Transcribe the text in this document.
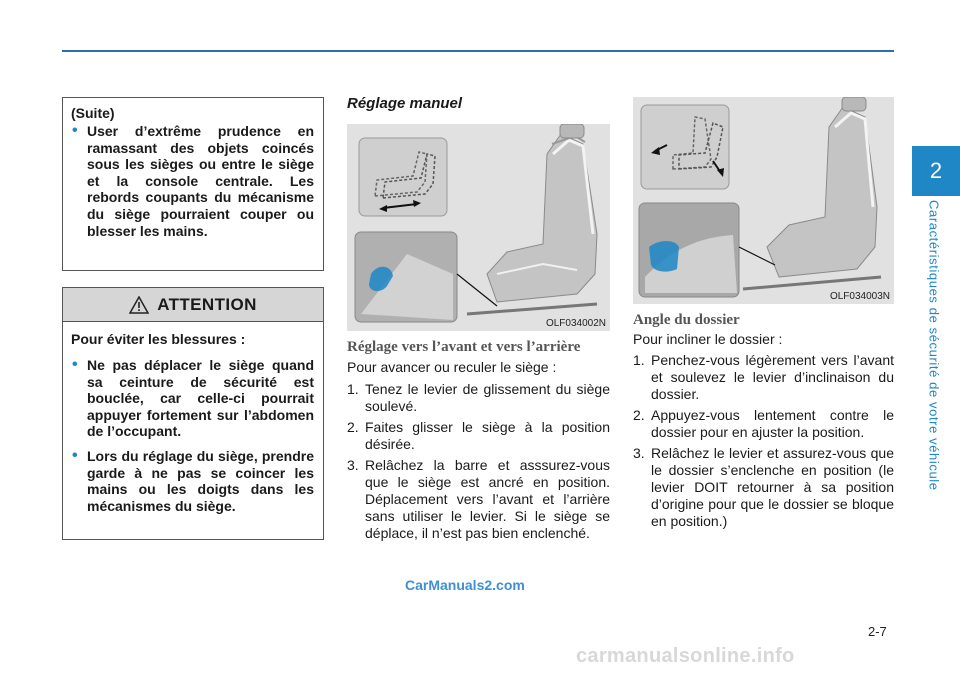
2
Caractéristiques de sécurité de votre véhicule
(Suite)
• User d’extrême prudence en ramassant des objets coincés sous les sièges ou entre le siège et la console centrale. Les rebords coupants du mécanisme du siège pourraient couper ou blesser les mains.
ATTENTION
Pour éviter les blessures :
• Ne pas déplacer le siège quand sa ceinture de sécurité est bouclée, car celle-ci pourrait appuyer fortement sur l’abdomen de l’occupant.
• Lors du réglage du siège, prendre garde à ne pas se coincer les mains ou les doigts dans les mécanismes du siège.
Réglage manuel
OLF034002N
Réglage vers l’avant et vers l’arrière
Pour avancer ou reculer le siège :
1. Tenez le levier de glissement du siège soulevé.
2. Faites glisser le siège à la position désirée.
3. Relâchez la barre et asssurez-vous que le siège est ancré en position. Déplacement vers l’avant et l’arrière sans utiliser le levier. Si le siège se déplace, il n’est pas bien enclenché.
OLF034003N
Angle du dossier
Pour incliner le dossier :
1. Penchez-vous légèrement vers l’avant et soulevez le levier d’inclinaison du dossier.
2. Appuyez-vous lentement contre le dossier pour en ajuster la position.
3. Relâchez le levier et assurez-vous que le dossier s’enclenche en position (le levier DOIT retourner à sa position d’origine pour que le dossier se bloque en position.)
CarManuals2.com
2-7
carmanualsonline.info
